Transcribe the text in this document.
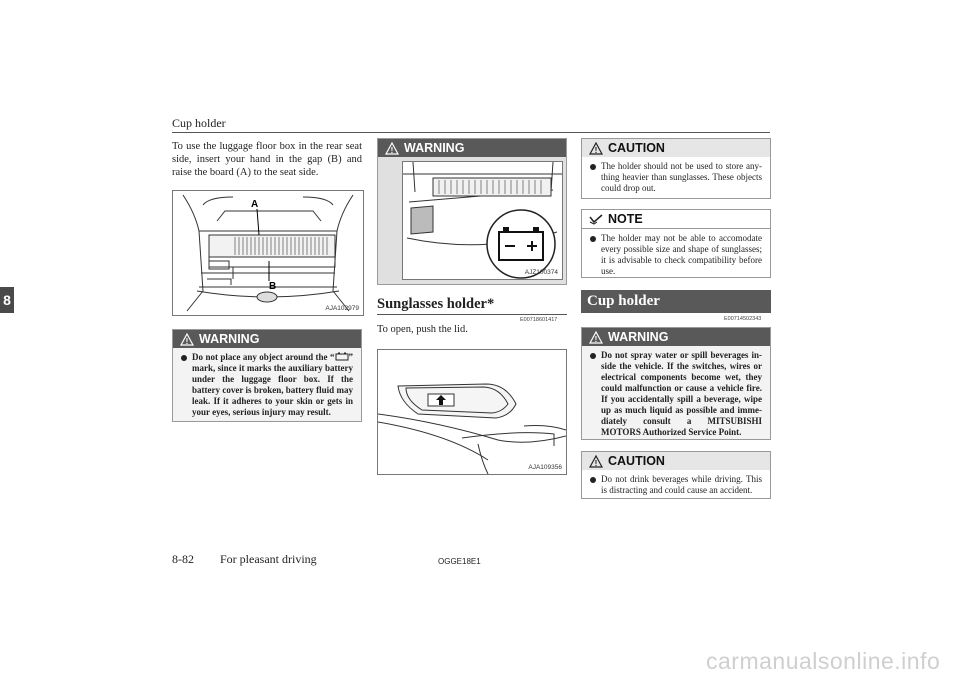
Cup holder
8
To use the luggage floor box in the rear seat side, insert your hand in the gap (B) and raise the board (A) to the seat side.
A
B
AJA102979
! WARNING
Do not place any object around the “ ” mark, since it marks the auxiliary battery under the luggage floor box. If the battery cover is broken, battery fluid may leak. If it adheres to your skin or gets in your eyes, serious injury may result.
! WARNING
AJZ100374
Sunglasses holder*
E00718601417
To open, push the lid.
AJA109356
! CAUTION
The holder should not be used to store any-thing heavier than sunglasses. These objects could drop out.
NOTE
The holder may not be able to accomodate every possible size and shape of sunglasses; it is advisable to check compatibility before use.
Cup holder
E00714502343
! WARNING
Do not spray water or spill beverages in-side the vehicle. If the switches, wires or electrical components become wet, they could malfunction or cause a vehicle fire. If you accidentally spill a beverage, wipe up as much liquid as possible and imme-diately consult a MITSUBISHI MOTORS Authorized Service Point.
! CAUTION
Do not drink beverages while driving. This is distracting and could cause an accident.
8-82 For pleasant driving	OGGE18E1
carmanualsonline.info
